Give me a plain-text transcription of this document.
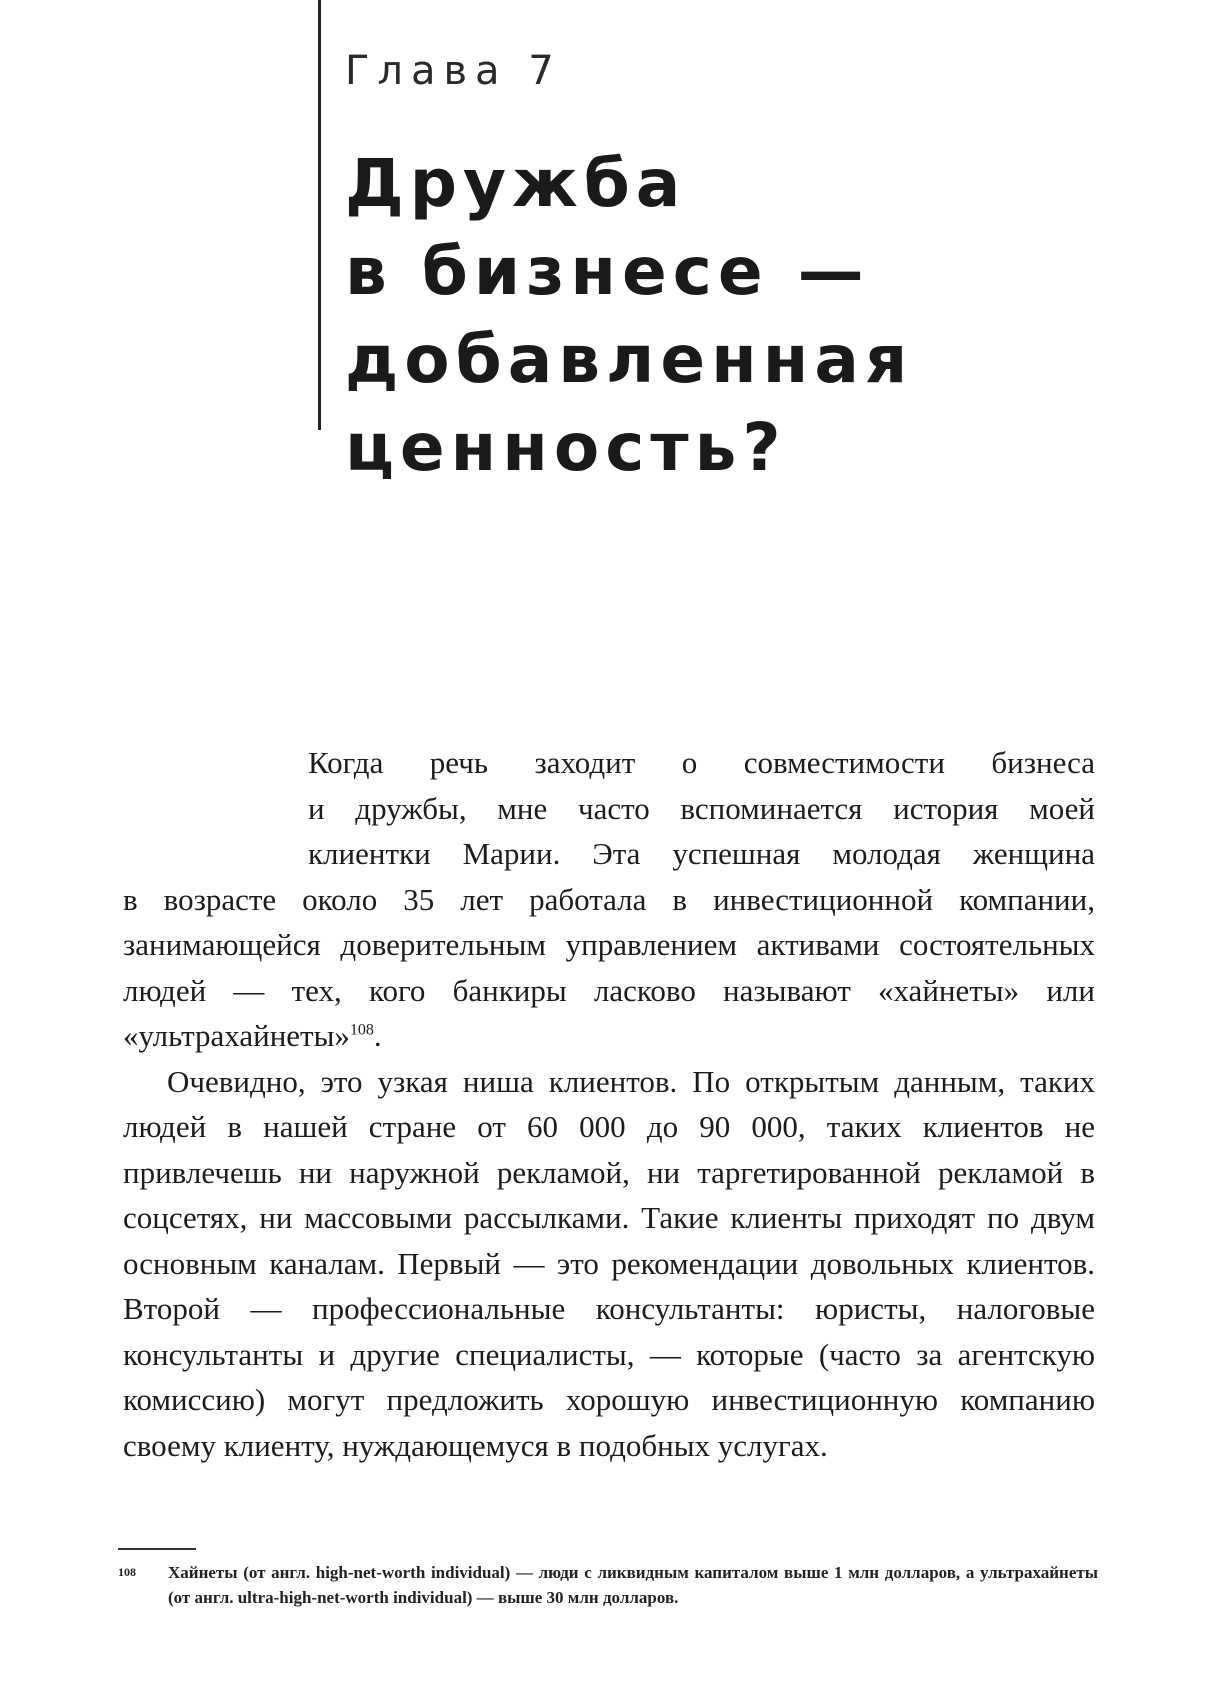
Глава 7
Дружба
в бизнесе —
добавленная
ценность?
Когда речь заходит о совместимости бизнеса
и дружбы, мне часто вспоминается история моей
клиентки Марии. Эта успешная молодая женщина
в возрасте около 35 лет работала в инвестиционной компании, занимающейся доверительным управлением активами состоятельных людей — тех, кого банкиры ласково называют «хайнеты» или «ультрахайнеты»$^{108}$.

Очевидно, это узкая ниша клиентов. По открытым данным, таких людей в нашей стране от 60 000 до 90 000, таких клиентов не привлечешь ни наружной рекламой, ни таргетированной рекламой в соцсетях, ни массовыми рассылками. Такие клиенты приходят по двум основным каналам. Первый — это рекомендации довольных клиентов. Второй — профессиональные консультанты: юристы, налоговые консультанты и другие специалисты, — которые (часто за агентскую комиссию) могут предложить хорошую инвестиционную компанию своему клиенту, нуждающемуся в подобных услугах.

108 Хайнеты (от англ. high-net-worth individual) — люди с ликвидным капиталом выше 1 млн долларов, а ультрахайнеты (от англ. ultra-high-net-worth individual) — выше 30 млн долларов.
